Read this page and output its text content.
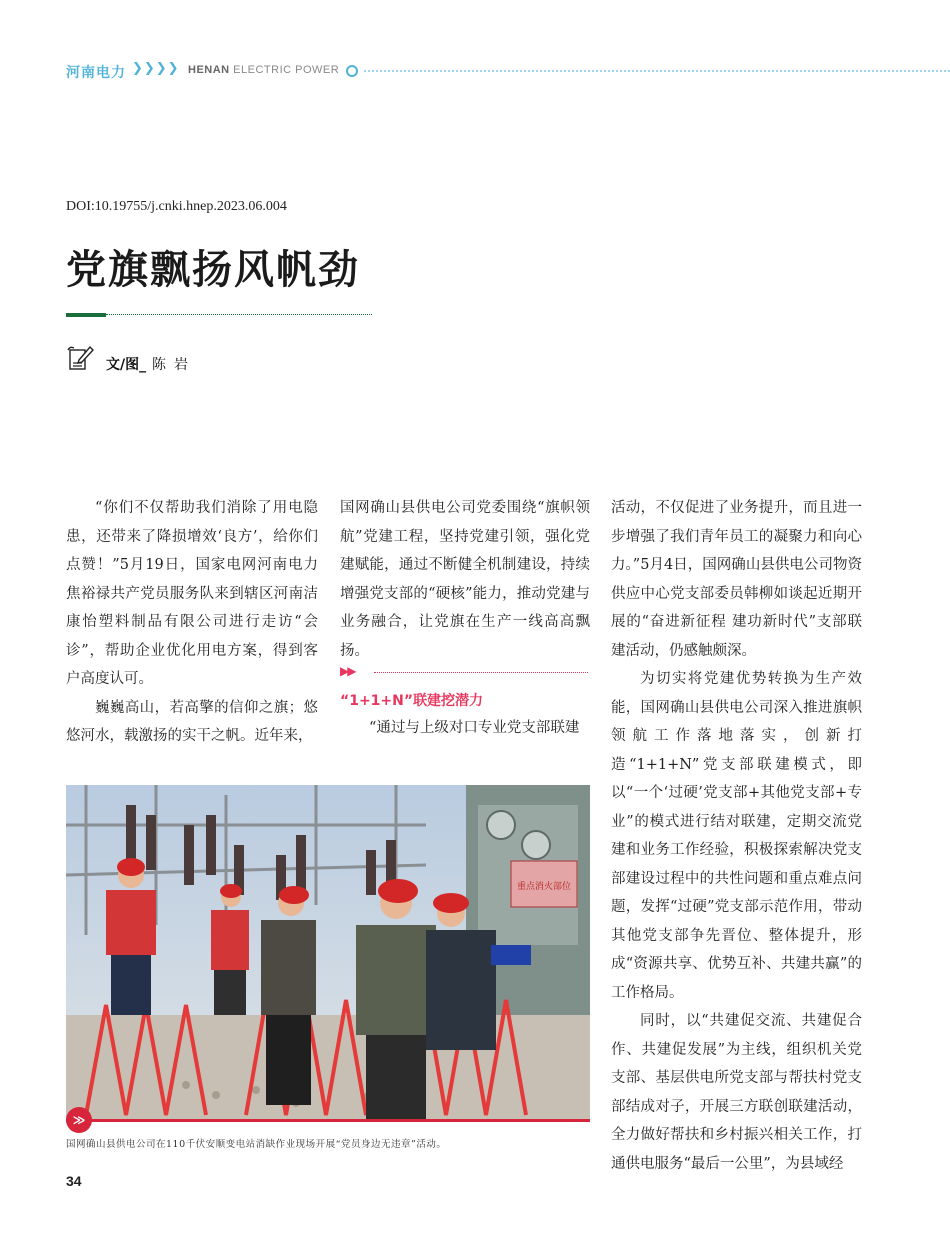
河南电力 ❯❯❯❯ HENAN ELECTRIC POWER
DOI:10.19755/j.cnki.hnep.2023.06.004
党旗飘扬风帆劲
文/图_ 陈岩

“你们不仅帮助我们消除了用电隐患，还带来了降损增效‘良方’，给你们点赞！”5月19日，国家电网河南电力焦裕禄共产党员服务队来到辖区河南洁康怡塑料制品有限公司进行走访“会诊”，帮助企业优化用电方案，得到客户高度认可。

巍巍高山，若高擎的信仰之旗；悠悠河水，载激扬的实干之帆。近年来，

国网确山县供电公司党委围绕“旗帜领航”党建工程，坚持党建引领，强化党建赋能，通过不断健全机制建设，持续增强党支部的“硬核”能力，推动党建与业务融合，让党旗在生产一线高高飘扬。

▶▶
“1+1+N”联建挖潜力

“通过与上级对口专业党支部联建

活动，不仅促进了业务提升，而且进一步增强了我们青年员工的凝聚力和向心力。”5月4日，国网确山县供电公司物资供应中心党支部委员韩柳如谈起近期开展的“奋进新征程 建功新时代”支部联建活动，仍感触颇深。

为切实将党建优势转换为生产效能，国网确山县供电公司深入推进旗帜领航工作落地落实，创新打造“1+1+N”党支部联建模式，即以“一个‘过硬’党支部+其他党支部+专业”的模式进行结对联建，定期交流党建和业务工作经验，积极探索解决党支部建设过程中的共性问题和重点难点问题，发挥“过硬”党支部示范作用，带动其他党支部争先晋位、整体提升，形成“资源共享、优势互补、共建共赢”的工作格局。

同时，以“共建促交流、共建促合作、共建促发展”为主线，组织机关党支部、基层供电所党支部与帮扶村党支部结成对子，开展三方联创联建活动，全力做好帮扶和乡村振兴相关工作，打通供电服务“最后一公里”，为县域经

重点消火部位
≫
国网确山县供电公司在110千伏安顺变电站消缺作业现场开展“党员身边无违章”活动。
34
